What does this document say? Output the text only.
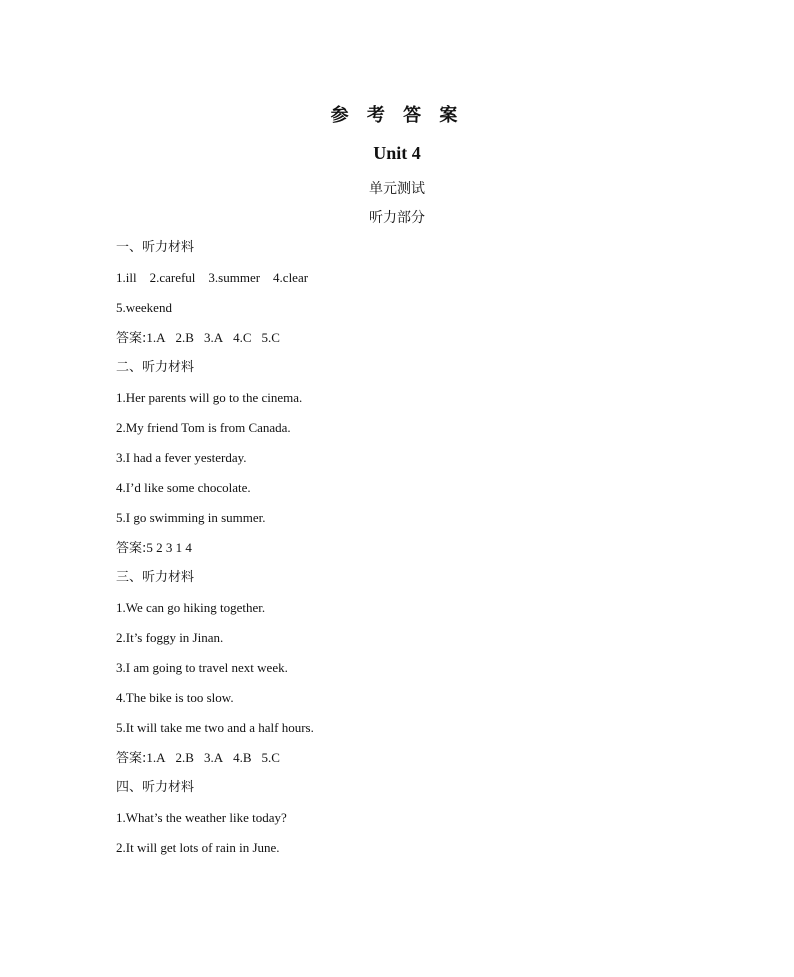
参 考 答 案
Unit 4
单元测试
听力部分
一、听力材料
1.ill    2.careful    3.summer    4.clear
5.weekend
答案:1.A 2.B 3.A 4.C 5.C
二、听力材料
1.Her parents will go to the cinema.
2.My friend Tom is from Canada.
3.I had a fever yesterday.
4.I’d like some chocolate.
5.I go swimming in summer.
答案:5 2 3 1 4
三、听力材料
1.We can go hiking together.
2.It’s foggy in Jinan.
3.I am going to travel next week.
4.The bike is too slow.
5.It will take me two and a half hours.
答案:1.A 2.B 3.A 4.B 5.C
四、听力材料
1.What’s the weather like today?
2.It will get lots of rain in June.
